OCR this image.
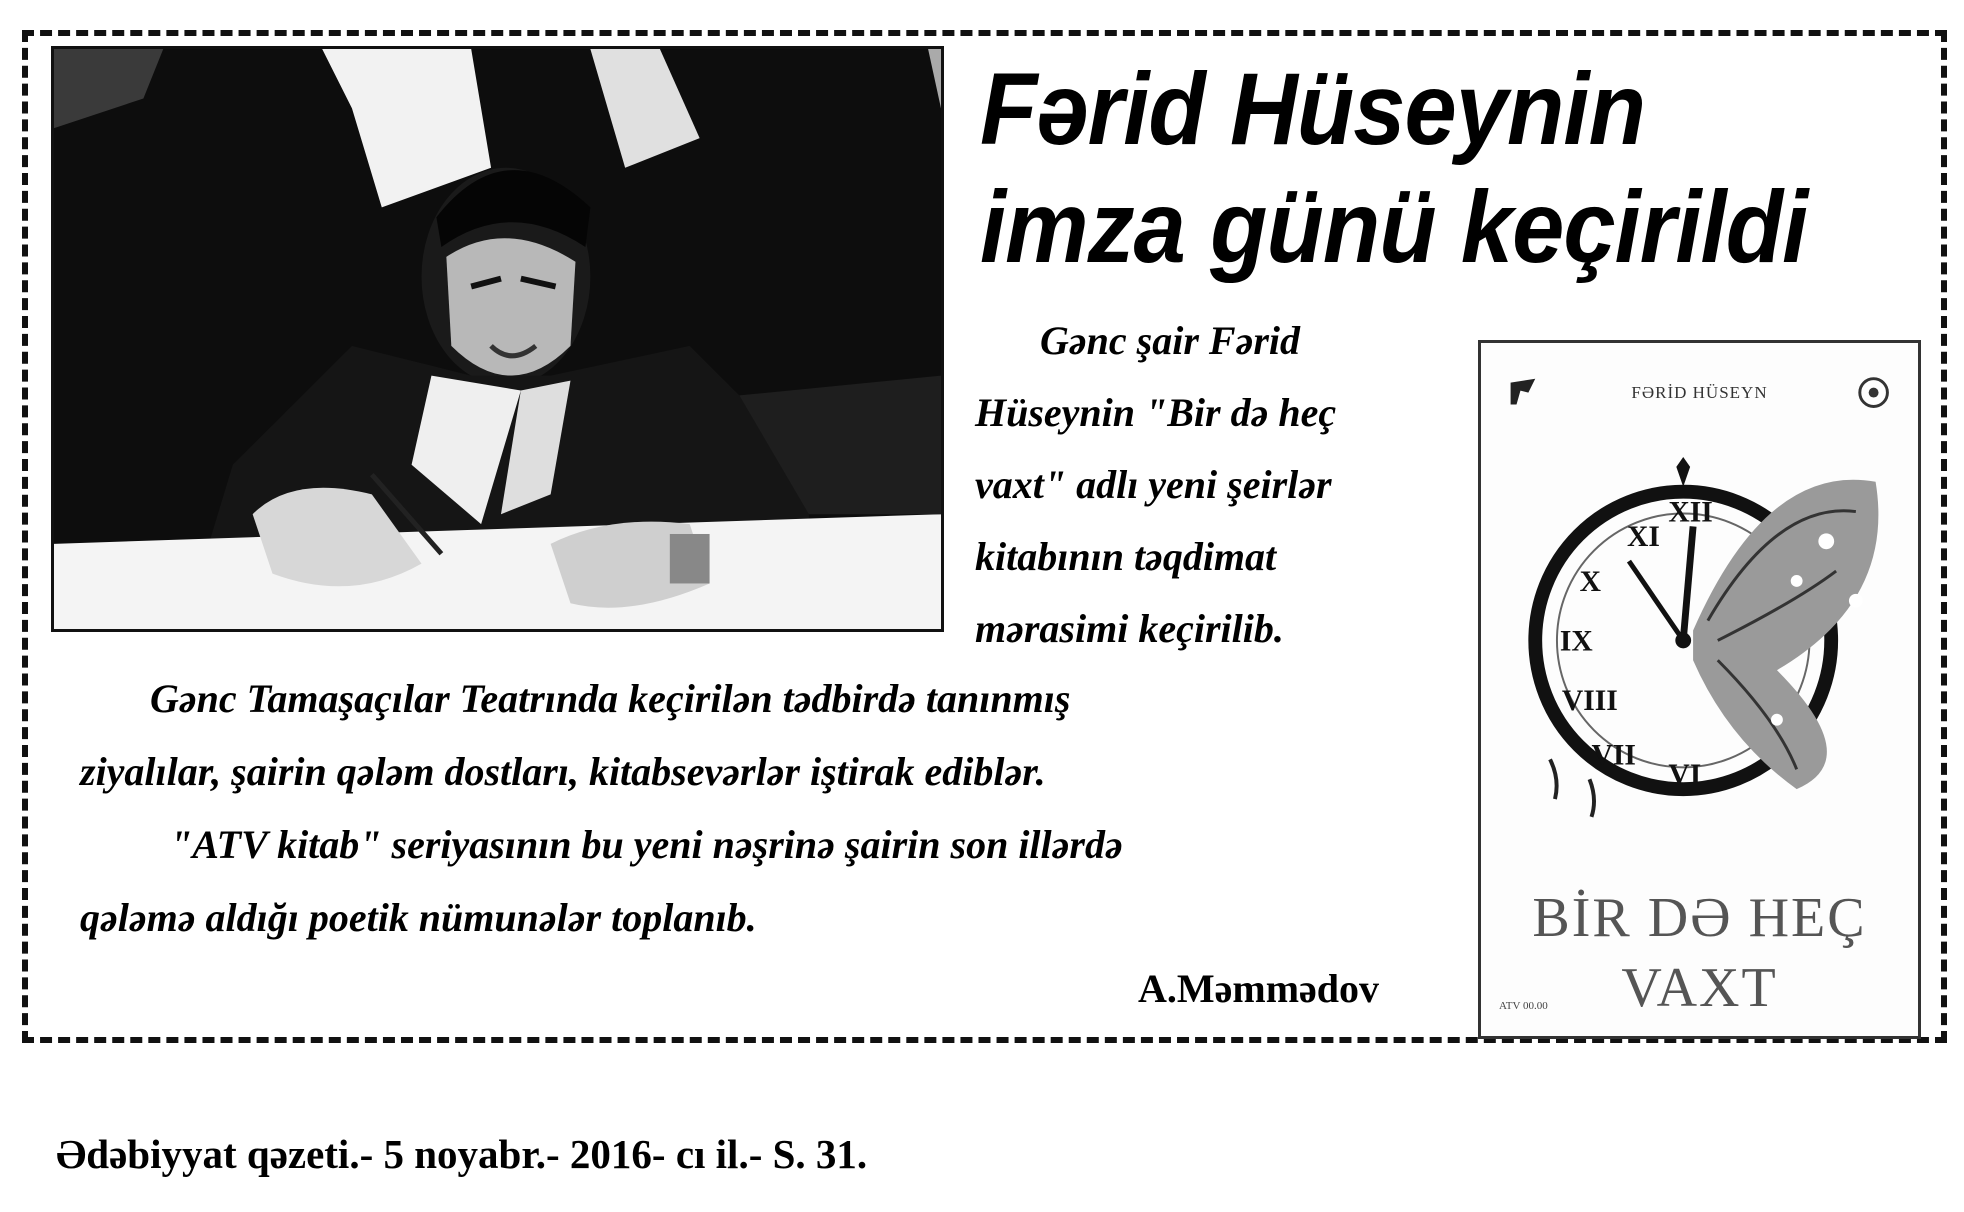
Fərid Hüseynin
imza günü keçirildi
Gənc şair Fərid
Hüseynin "Bir də heç
vaxt" adlı yeni şeirlər
kitabının təqdimat
mərasimi keçirilib.
Gənc Tamaşaçılar Teatrında keçirilən tədbirdə tanınmış
ziyalılar, şairin qələm dostları, kitabsevərlər iştirak ediblər.
"ATV kitab" seriyasının bu yeni nəşrinə şairin son illərdə
qələmə aldığı poetik nümunələr toplanıb.
A.Məmmədov
XI
XII
X
IX
VIII
VII
VI
FƏRİD HÜSEYN
BİR DƏ HEÇ
VAXT
ATV 00.00
Ədəbiyyat qəzeti.- 5 noyabr.- 2016- cı il.- S. 31.
